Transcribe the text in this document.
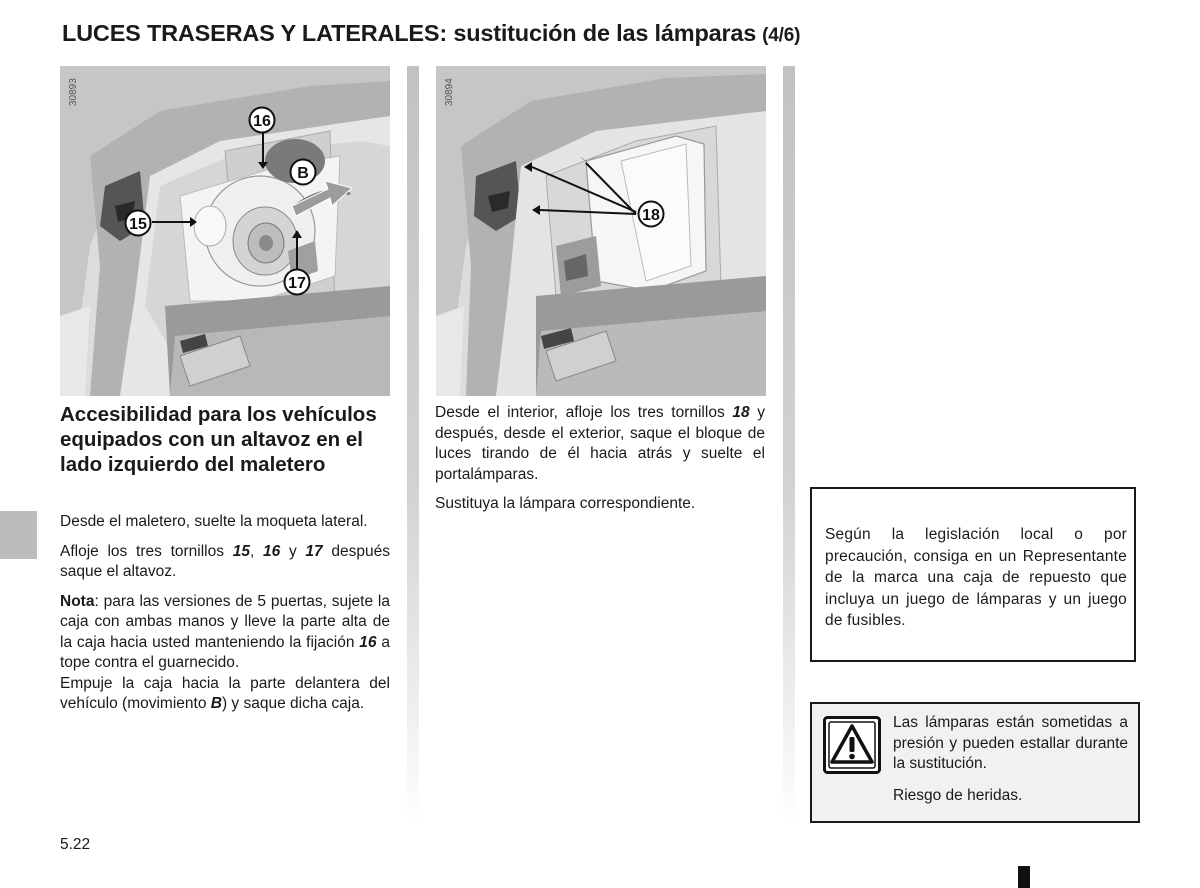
LUCES TRASERAS Y LATERALES: sustitución de las lámparas (4/6)
16
B
15
17
30893
18
30894
Accesibilidad para los vehículos equipados con un altavoz en el lado izquierdo del maletero

Desde el maletero, suelte la moqueta lateral.

Afloje los tres tornillos 15, 16 y 17 después saque el altavoz.

Nota: para las versiones de 5 puertas, sujete la caja con ambas manos y lleve la parte alta de la caja hacia usted manteniendo la fijación 16 a tope contra el guarnecido.

Empuje la caja hacia la parte delantera del vehículo (movimiento B) y saque dicha caja.

Desde el interior, afloje los tres tornillos 18 y después, desde el exterior, saque el bloque de luces tirando de él hacia atrás y suelte el portalámparas.

Sustituya la lámpara correspondiente.

Según la legislación local o por precaución, consiga en un Representante de la marca una caja de repuesto que incluya un juego de lámparas y un juego de fusibles.

Las lámparas están sometidas a presión y pueden estallar durante la sustitución.

Riesgo de heridas.

5.22
